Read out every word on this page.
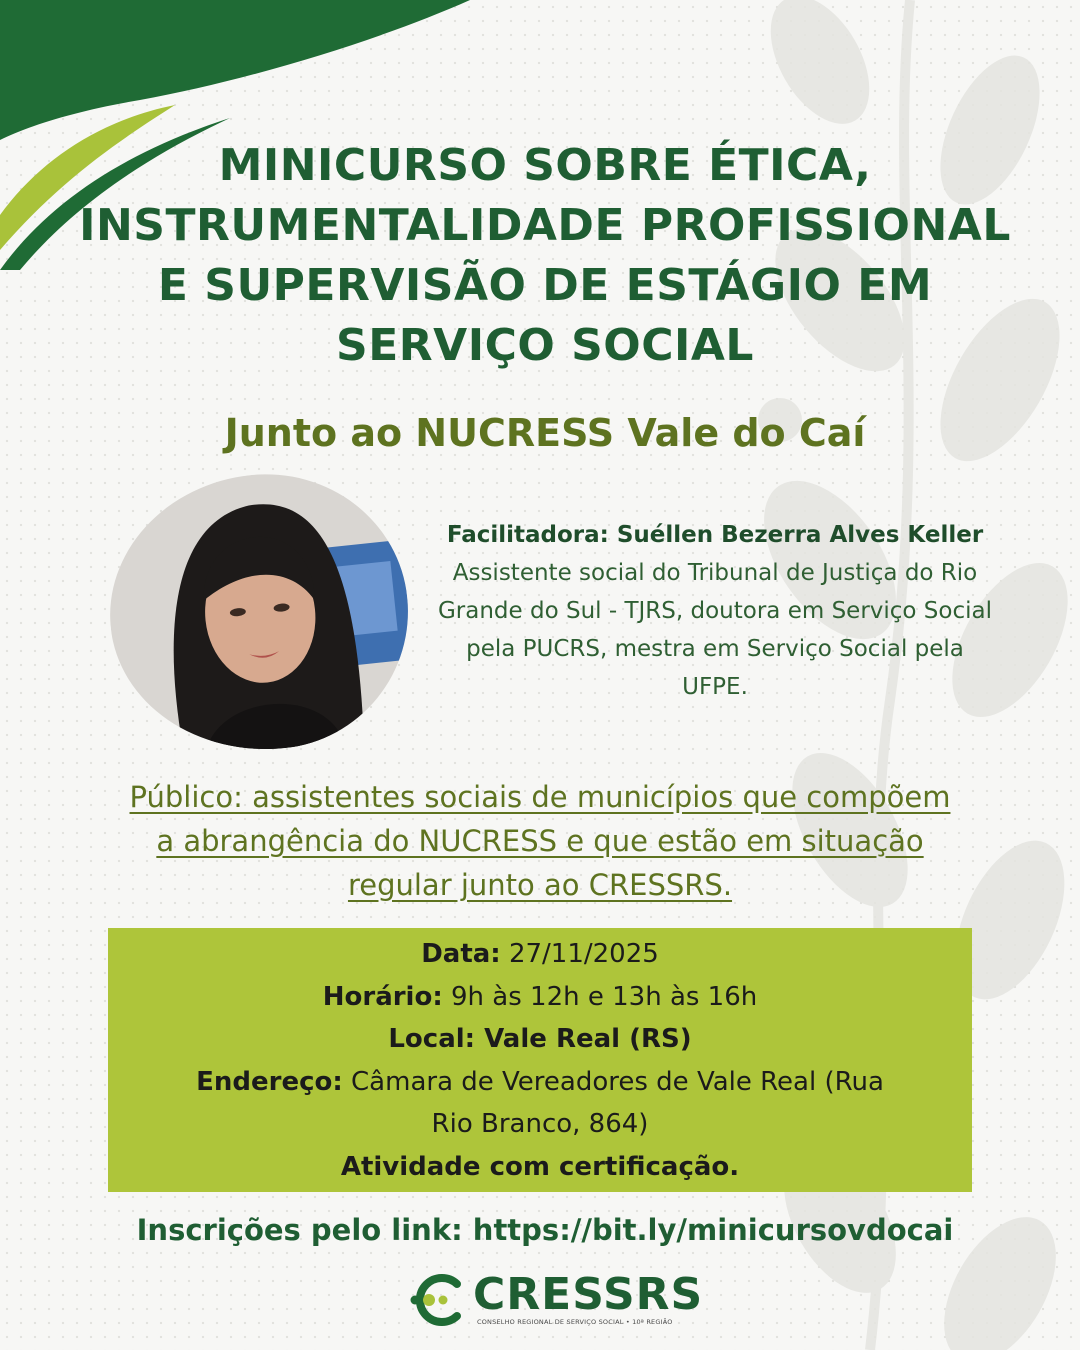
MINICURSO SOBRE ÉTICA,
INSTRUMENTALIDADE PROFISSIONAL
E SUPERVISÃO DE ESTÁGIO EM
SERVIÇO SOCIAL
Junto ao NUCRESS Vale do Caí
Facilitadora: Suéllen Bezerra Alves Keller
Assistente social do Tribunal de Justiça do Rio
Grande do Sul - TJRS, doutora em Serviço Social
pela PUCRS, mestra em Serviço Social pela
UFPE.
Público: assistentes sociais de municípios que compõem
a abrangência do NUCRESS e que estão em situação
regular junto ao CRESSRS.
Data: 27/11/2025
Horário: 9h às 12h e 13h às 16h
Local: Vale Real (RS)
Endereço: Câmara de Vereadores de Vale Real (Rua
Rio Branco, 864)
Atividade com certificação.
Inscrições pelo link: https://bit.ly/minicursovdocai
CRESSRS
CONSELHO REGIONAL DE SERVIÇO SOCIAL • 10ª REGIÃO
